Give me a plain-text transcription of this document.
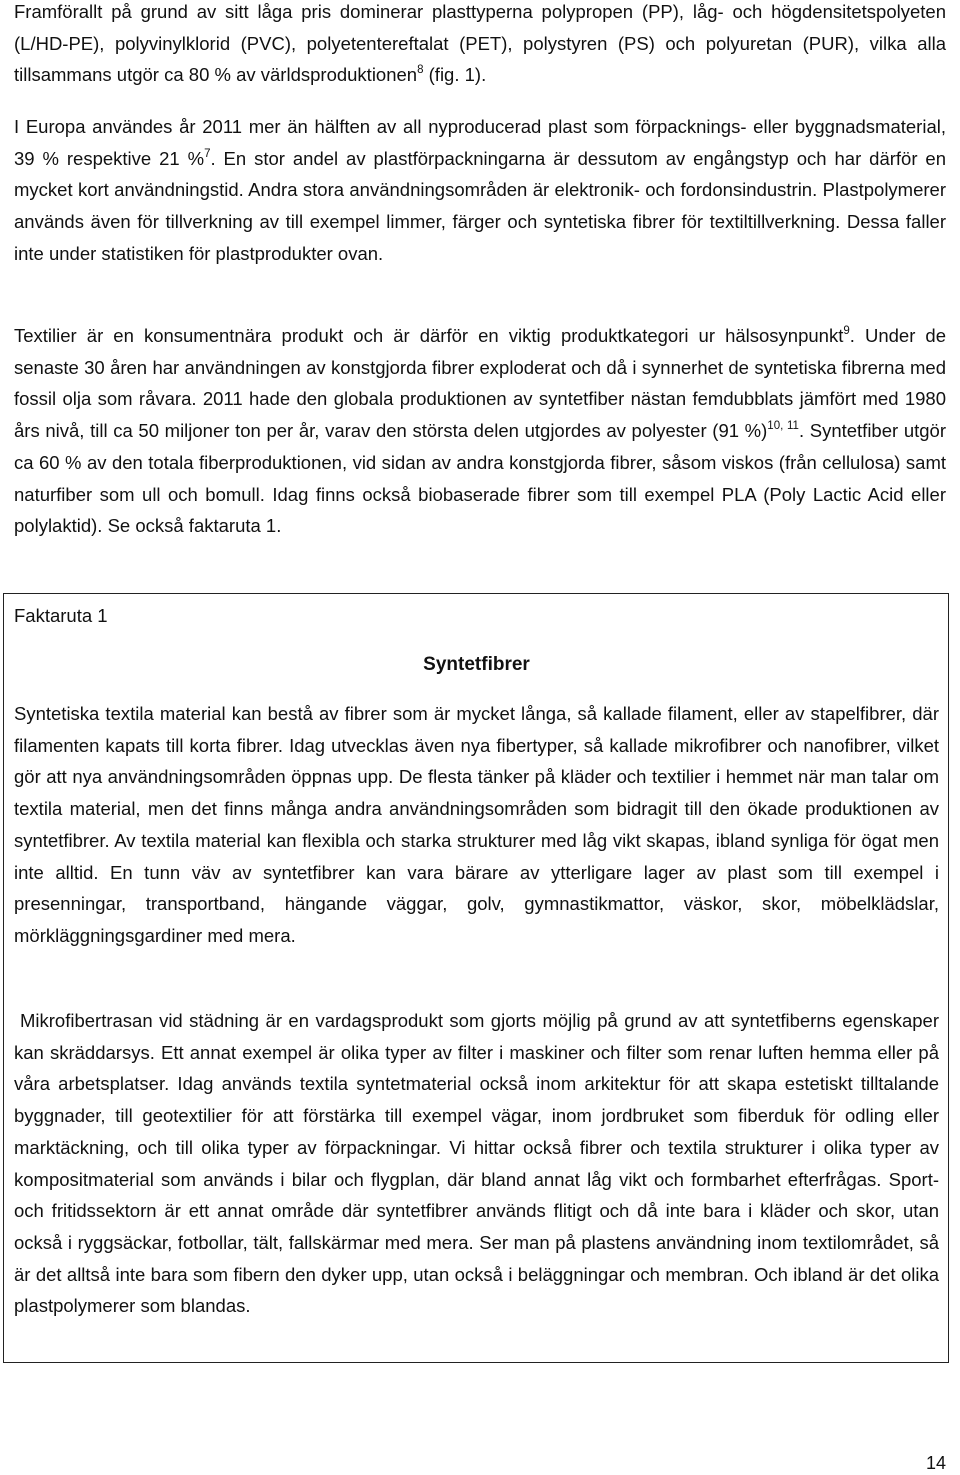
Framförallt på grund av sitt låga pris dominerar plasttyperna polypropen (PP), låg- och högdensitetspolyeten (L/HD-PE), polyvinylklorid (PVC), polyetentereftalat (PET), polystyren (PS) och polyuretan (PUR), vilka alla tillsammans utgör ca 80 % av världsproduktionen$^8$ (fig. 1).

I Europa användes år 2011 mer än hälften av all nyproducerad plast som förpacknings- eller byggnadsmaterial, 39 % respektive 21 %$^7$. En stor andel av plastförpackningarna är dessutom av engångstyp och har därför en mycket kort användningstid. Andra stora användningsområden är elektronik- och fordonsindustrin. Plastpolymerer används även för tillverkning av till exempel limmer, färger och syntetiska fibrer för textiltillverkning. Dessa faller inte under statistiken för plastprodukter ovan.

Textilier är en konsumentnära produkt och är därför en viktig produktkategori ur hälsosynpunkt$^9$. Under de senaste 30 åren har användningen av konstgjorda fibrer exploderat och då i synnerhet de syntetiska fibrerna med fossil olja som råvara. 2011 hade den globala produktionen av syntetfiber nästan femdubblats jämfört med 1980 års nivå, till ca 50 miljoner ton per år, varav den största delen utgjordes av polyester (91 %)$^{10, 11}$. Syntetfiber utgör ca 60 % av den totala fiberproduktionen, vid sidan av andra konstgjorda fibrer, såsom viskos (från cellulosa) samt naturfiber som ull och bomull. Idag finns också biobaserade fibrer som till exempel PLA (Poly Lactic Acid eller polylaktid). Se också faktaruta 1.

Faktaruta 1
Syntetfibrer

Syntetiska textila material kan bestå av fibrer som är mycket långa, så kallade filament, eller av stapelfibrer, där filamenten kapats till korta fibrer. Idag utvecklas även nya fibertyper, så kallade mikrofibrer och nanofibrer, vilket gör att nya användningsområden öppnas upp. De flesta tänker på kläder och textilier i hemmet när man talar om textila material, men det finns många andra användningsområden som bidragit till den ökade produktionen av syntetfibrer. Av textila material kan flexibla och starka strukturer med låg vikt skapas, ibland synliga för ögat men inte alltid. En tunn väv av syntetfibrer kan vara bärare av ytterligare lager av plast som till exempel i presenningar, transportband, hängande väggar, golv, gymnastikmattor, väskor, skor, möbelklädslar, mörkläggningsgardiner med mera.

Mikrofibertrasan vid städning är en vardagsprodukt som gjorts möjlig på grund av att syntetfiberns egenskaper kan skräddarsys. Ett annat exempel är olika typer av filter i maskiner och filter som renar luften hemma eller på våra arbetsplatser. Idag används textila syntetmaterial också inom arkitektur för att skapa estetiskt tilltalande byggnader, till geotextilier för att förstärka till exempel vägar, inom jordbruket som fiberduk för odling eller marktäckning, och till olika typer av förpackningar. Vi hittar också fibrer och textila strukturer i olika typer av kompositmaterial som används i bilar och flygplan, där bland annat låg vikt och formbarhet efterfrågas. Sport- och fritidssektorn är ett annat område där syntetfibrer används flitigt och då inte bara i kläder och skor, utan också i ryggsäckar, fotbollar, tält, fallskärmar med mera. Ser man på plastens användning inom textilområdet, så är det alltså inte bara som fibern den dyker upp, utan också i beläggningar och membran. Och ibland är det olika plastpolymerer som blandas.

14
